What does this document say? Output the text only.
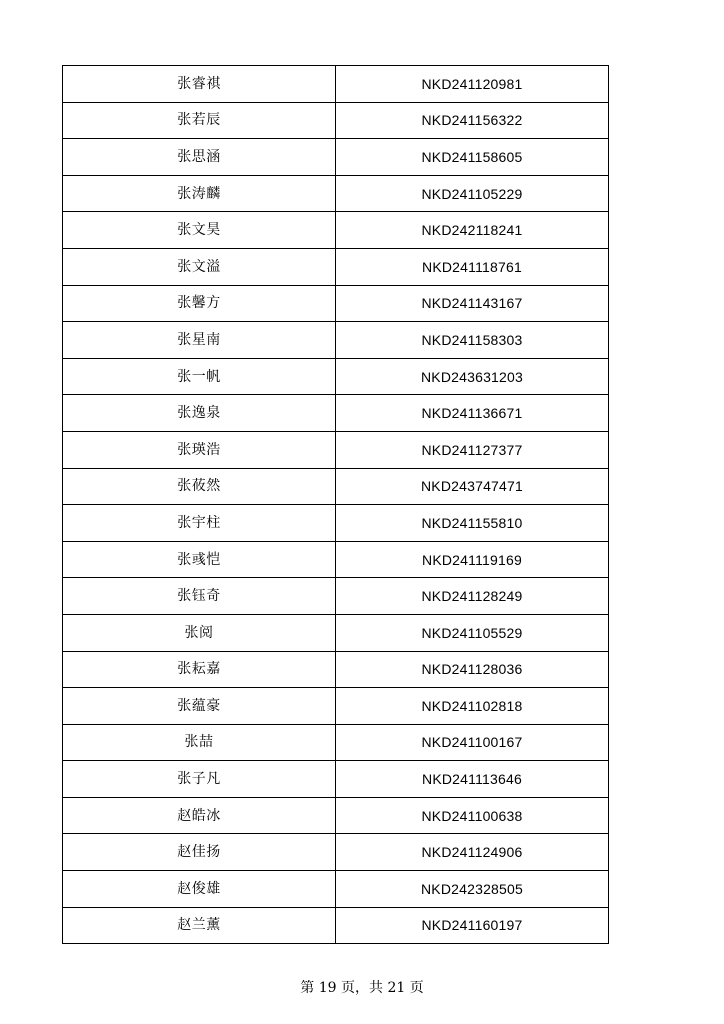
张睿祺	NKD241120981
张若辰	NKD241156322
张思涵	NKD241158605
张涛麟	NKD241105229
张文昊	NKD242118241
张文溢	NKD241118761
张馨方	NKD241143167
张星南	NKD241158303
张一帆	NKD243631203
张逸泉	NKD241136671
张瑛浩	NKD241127377
张莜然	NKD243747471
张宇柱	NKD241155810
张彧恺	NKD241119169
张钰奇	NKD241128249
张阅	NKD241105529
张耘嘉	NKD241128036
张蕴豪	NKD241102818
张喆	NKD241100167
张子凡	NKD241113646
赵皓冰	NKD241100638
赵佳扬	NKD241124906
赵俊雄	NKD242328505
赵兰薰	NKD241160197
第 19 页，共 21 页
